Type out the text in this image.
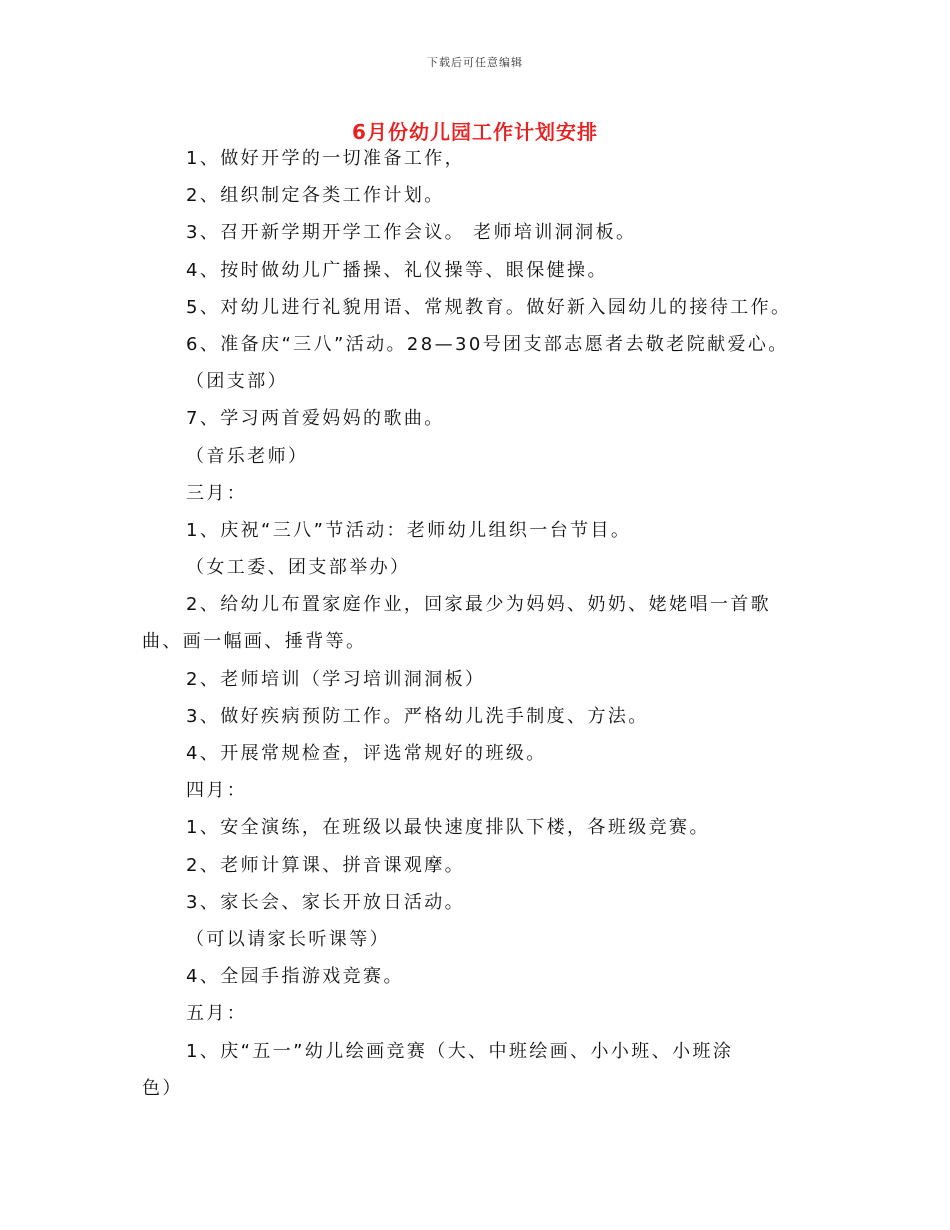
下载后可任意编辑
6月份幼儿园工作计划安排
1、做好开学的一切准备工作，
2、组织制定各类工作计划。
3、召开新学期开学工作会议。 老师培训洞洞板。
4、按时做幼儿广播操、礼仪操等、眼保健操。
5、对幼儿进行礼貌用语、常规教育。做好新入园幼儿的接待工作。
6、准备庆“三八”活动。28—30号团支部志愿者去敬老院献爱心。
（团支部）
7、学习两首爱妈妈的歌曲。
（音乐老师）
三月：
1、庆祝“三八”节活动：老师幼儿组织一台节目。
（女工委、团支部举办）
2、给幼儿布置家庭作业，回家最少为妈妈、奶奶、姥姥唱一首歌
曲、画一幅画、捶背等。
2、老师培训（学习培训洞洞板）
3、做好疾病预防工作。严格幼儿洗手制度、方法。
4、开展常规检查，评选常规好的班级。
四月：
1、安全演练，在班级以最快速度排队下楼，各班级竞赛。
2、老师计算课、拼音课观摩。
3、家长会、家长开放日活动。
（可以请家长听课等）
4、全园手指游戏竞赛。
五月：
1、庆“五一”幼儿绘画竞赛（大、中班绘画、小小班、小班涂
色）
